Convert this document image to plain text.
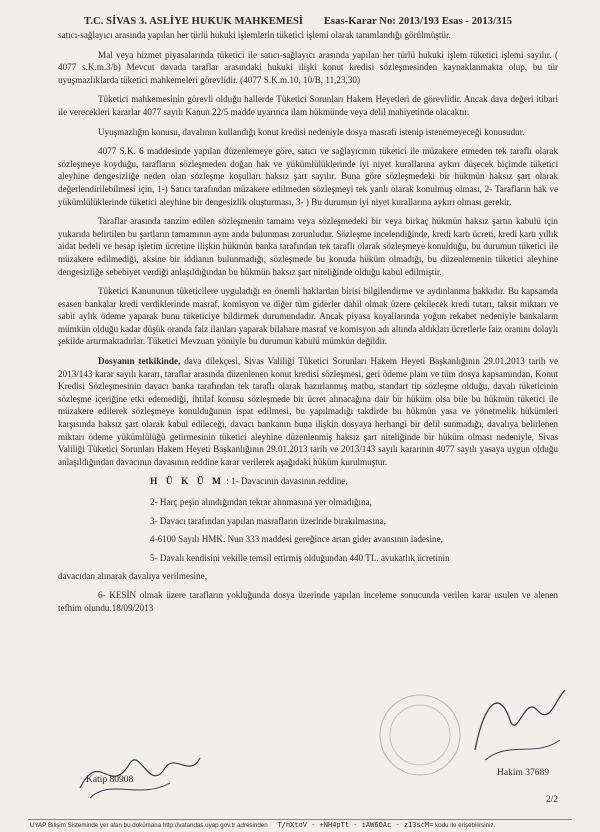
T.C. SİVAS 3. ASLİYE HUKUK MAHKEMESİ Esas-Karar No: 2013/193 Esas - 2013/315

satıcı-sağlayıcı arasında yapılan her türlü hukuki işlemlerin tüketici işlemi olarak tanımlandığı görülmüştür.

Mal veya hizmet piyasalarında tüketici ile satıcı-sağlayıcı arasında yapılan her türlü hukuki işlem tüketici işlemi sayılır. ( 4077 s.K.m.3/b) Mevcut davada taraflar arasındaki hukuki ilişki konut kredisi sözleşmesinden kaynaklanmakta olup, bu tür uyuşmazlıklarda tüketici mahkemeleri görevlidir. (4077 S.K.m.10, 10/B, 11,23,30)

Tüketici mahkemesinin görevli olduğu hallerde Tüketici Sorunları Hakem Heyetleri de görevlidir. Ancak dava değeri itibari ile verecekleri kararlar 4077 sayılı Kanun 22/5 madde uyarınca ilam hükmünde veya delil mahiyetinde olacaktır.

Uyuşmazlığın konusu, davalının kullandığı konut kredisi nedeniyle dosya masrafı istenip istenemeyeceği konusudur.

4077 S.K. 6 maddesinde yapılan düzenlemeye göre, satıcı ve sağlayıcının tüketici ile müzakere etmeden tek taraflı olarak sözleşmeye koyduğu, tarafların sözleşmeden doğan hak ve yükümlülüklerinde iyi niyet kurallarına aykırı düşecek biçimde tüketici aleyhine dengesizliğe neden olan sözleşme koşulları haksız şart sayılır. Buna göre sözleşmedeki bir hükmün haksız şart olarak değerlendirilebilmesi için, 1-) Satıcı tarafından müzakere edilmeden sözleşmeyi tek yanlı olarak konulmuş olması, 2- Tarafların hak ve yükümlülüklerinde tüketici aleyhine bir dengesizlik oluşturması, 3- ) Bu durumun iyi niyet kurallarına aykırı olması gerekir.

Taraflar arasında tanzim edilen sözleşmenin tamamı veya sözleşmedeki bir veya birkaç hükmün haksız şartın kabulü için yukarıda belirtilen bu şartların tamamının aynı anda bulunması zorunludur. Sözleşme incelendiğinde, kredi kartı ücreti, kredi kartı yıllık aidat bedeli ve hesap işletim ücretine ilişkin hükmün banka tarafından tek taraflı olarak sözleşmeye konulduğu, bu durumun tüketici ile müzakere edilmediği, aksine bir iddianın bulunmadığı, sözleşmede bu konuda hüküm olmadığı, bu düzenlemenin tüketici aleyhine dengesizliğe sebebiyet verdiği anlaşıldığından bu hükmün haksız şart niteliğinde olduğu kabul edilmiştir.

Tüketici Kanununun tüketicilere uyguladığı en önemli haklardan birisi bilgilendirme ve aydınlanma hakkıdır. Bu kapsamda esasen bankalar kredi verdiklerinde masraf, komisyon ve diğer tüm giderler dahil olmak üzere çekilecek kredi tutarı, taksit miktarı ve sabit aylık ödeme yaparak bunu tüketiciye bildirmek durumundadır. Ancak piyasa koyallarında yoğun rekabet nedeniyle bankaların mümkün olduğu kadar düşük oranda faiz ilanları yaparak bilahare masraf ve komisyon adı altında aldıkları ücretlerle faiz oranını dolaylı şekilde artırmaktadırlar. Tüketici Mevzuatı yönüyle bu durumun kabulü mümkün değildir.

Dosyanın tetkikinde, dava dilekçesi, Sivas Valiliği Tüketici Sorunları Hakem Heyeti Başkanlığının 29.01.2013 tarih ve 2013/143 karar sayılı kararı, taraflar arasında düzenlenen konut kredisi sözleşmesi, geri ödeme planı ve tüm dosya kapsamından, Konut Kredisi Sözleşmesinin davacı banka tarafından tek taraflı olarak hazırlanmış matbu, standart tip sözleşme olduğu, davalı tüketicinin sözleşme içeriğine etki edemediği, ihtilaf konusu sözleşmede bir ücret alınacağına dair bir hüküm olsa bile bu hükmün tüketici ile müzakere edilerek sözleşmeye konulduğunun ispat edilmesi, bu yapılmadığı takdirde bu hükmün yasa ve yönetmelik hükümleri karşısında haksız şart olarak kabul edileceği, davacı bankanın buna ilişkin dosyaya herhangi bir delil sunmadığı, davalıya belirlenen miktarı ödeme yükümlülüğü getirmesinin tüketici aleyhine düzenlenmiş haksız şart niteliğinde bir hüküm olması nedeniyle, Sivas Valiliği Tüketici Sorunları Hakem Heyeti Başkanlığının 29.01.2013 tarih ve 2013/143 sayılı kararının 4077 sayılı yasaya uygun olduğu anlaşıldığından davacının davasının reddine karar verilerek aşağıdaki hüküm kurulmuştur.

H Ü K Ü M : 1- Davacının davasının reddine,

2- Harç peşin alındığından tekrar alınmasına yer olmadığına,

3- Davacı tarafından yapılan masrafların üzerinde bırakılmasına,

4-6100 Sayılı HMK. Nun 333 maddesi gereğince artan gider avansının iadesine,

5- Davalı kendisini vekille temsil ettirmiş olduğundan 440 TL. avukatlık ücretinin

davacıdan alınarak davalıya verilmesine,

6- KESİN olmak üzere tarafların yokluğunda dosya üzerinde yapılan inceleme sonucunda verilen karar usulen ve alenen tefhim olundu.18/09/2013

Katip 80908
Hakim 37689
2/2
UYAP Bilişim Sisteminde yer alan bu dokümana http://vatandas.uyap.gov.tr adresinden T/nXtoV - +NH4pTt - iAW6OAc - z13scM= kodu ile erişebilirsiniz.
